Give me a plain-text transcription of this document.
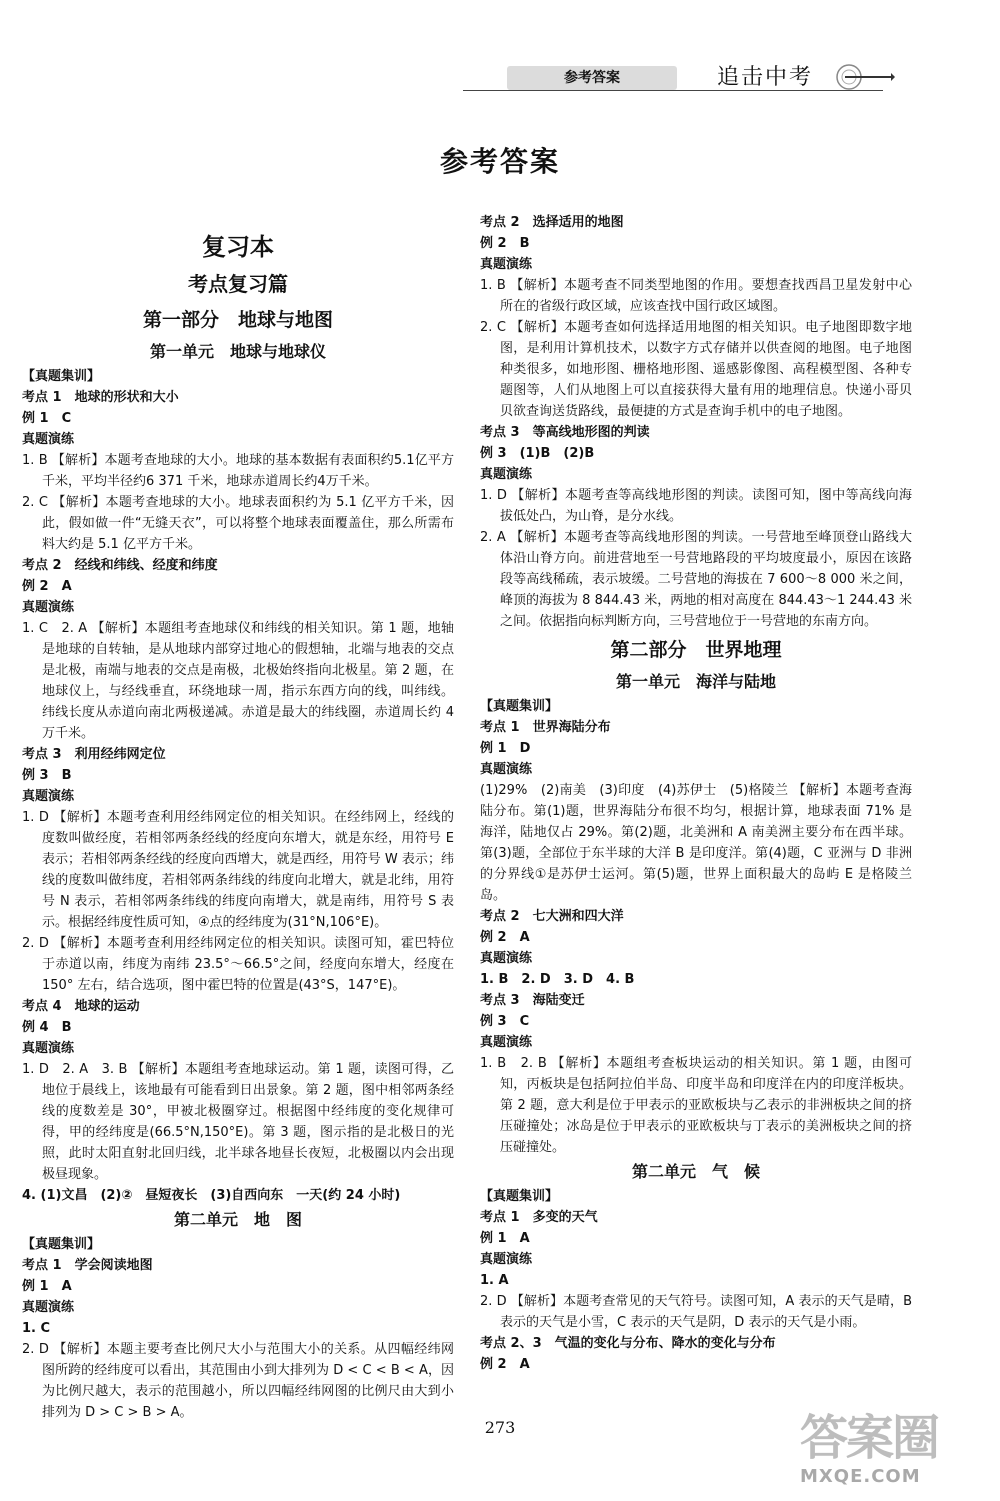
参考答案	追击中考
参考答案
复习本
考点复习篇
第一部分　地球与地图
第一单元　地球与地球仪
【真题集训】
考点 1　地球的形状和大小
例 1　C
真题演练
1. B 【解析】本题考查地球的大小。地球的基本数据有表面积约5.1亿平方千米，平均半径约6 371 千米，地球赤道周长约4万千米。
2. C 【解析】本题考查地球的大小。地球表面积约为 5.1 亿平方千米，因此，假如做一件“无缝天衣”，可以将整个地球表面覆盖住，那么所需布料大约是 5.1 亿平方千米。
考点 2　经线和纬线、经度和纬度
例 2　A
真题演练
1. C　2. A 【解析】本题组考查地球仪和纬线的相关知识。第 1 题，地轴是地球的自转轴，是从地球内部穿过地心的假想轴，北端与地表的交点是北极，南端与地表的交点是南极，北极始终指向北极星。第 2 题，在地球仪上，与经线垂直，环绕地球一周，指示东西方向的线，叫纬线。纬线长度从赤道向南北两极递减。赤道是最大的纬线圈，赤道周长约 4 万千米。
考点 3　利用经纬网定位
例 3　B
真题演练
1. D 【解析】本题考查利用经纬网定位的相关知识。在经纬网上，经线的度数叫做经度，若相邻两条经线的经度向东增大，就是东经，用符号 E 表示；若相邻两条经线的经度向西增大，就是西经，用符号 W 表示；纬线的度数叫做纬度，若相邻两条纬线的纬度向北增大，就是北纬，用符号 N 表示，若相邻两条纬线的纬度向南增大，就是南纬，用符号 S 表示。根据经纬度性质可知，④点的经纬度为(31°N,106°E)。
2. D 【解析】本题考查利用经纬网定位的相关知识。读图可知，霍巴特位于赤道以南，纬度为南纬 23.5°～66.5°之间，经度向东增大，经度在 150° 左右，结合选项，图中霍巴特的位置是(43°S，147°E)。
考点 4　地球的运动
例 4　B
真题演练
1. D　2. A　3. B 【解析】本题组考查地球运动。第 1 题，读图可得，乙地位于晨线上，该地最有可能看到日出景象。第 2 题，图中相邻两条经线的度数差是 30°，甲被北极圈穿过。根据图中经纬度的变化规律可得，甲的经纬度是(66.5°N,150°E)。第 3 题，图示指的是北极日的光照，此时太阳直射北回归线，北半球各地昼长夜短，北极圈以内会出现极昼现象。
4. (1)文昌　(2)②　昼短夜长　(3)自西向东　一天(约 24 小时)
第二单元　地　图
【真题集训】
考点 1　学会阅读地图
例 1　A
真题演练
1. C
2. D 【解析】本题主要考查比例尺大小与范围大小的关系。从四幅经纬网图所跨的经纬度可以看出，其范围由小到大排列为 D < C < B < A，因为比例尺越大，表示的范围越小，所以四幅经纬网图的比例尺由大到小排列为 D > C > B > A。
考点 2　选择适用的地图
例 2　B
真题演练
1. B 【解析】本题考查不同类型地图的作用。要想查找西昌卫星发射中心所在的省级行政区域，应该查找中国行政区域图。
2. C 【解析】本题考查如何选择适用地图的相关知识。电子地图即数字地图，是利用计算机技术，以数字方式存储并以供查阅的地图。电子地图种类很多，如地形图、栅格地形图、遥感影像图、高程模型图、各种专题图等，人们从地图上可以直接获得大量有用的地理信息。快递小哥贝贝欲查询送货路线，最便捷的方式是查询手机中的电子地图。
考点 3　等高线地形图的判读
例 3　(1)B　(2)B
真题演练
1. D 【解析】本题考查等高线地形图的判读。读图可知，图中等高线向海拔低处凸，为山脊，是分水线。
2. A 【解析】本题考查等高线地形图的判读。一号营地至峰顶登山路线大体沿山脊方向。前进营地至一号营地路段的平均坡度最小，原因在该路段等高线稀疏，表示坡缓。二号营地的海拔在 7 600～8 000 米之间，峰顶的海拔为 8 844.43 米，两地的相对高度在 844.43～1 244.43 米之间。依据指向标判断方向，三号营地位于一号营地的东南方向。
第二部分　世界地理
第一单元　海洋与陆地
【真题集训】
考点 1　世界海陆分布
例 1　D
真题演练
(1)29%　(2)南美　(3)印度　(4)苏伊士　(5)格陵兰 【解析】本题考查海陆分布。第(1)题，世界海陆分布很不均匀，根据计算，地球表面 71% 是海洋，陆地仅占 29%。第(2)题，北美洲和 A 南美洲主要分布在西半球。第(3)题，全部位于东半球的大洋 B 是印度洋。第(4)题，C 亚洲与 D 非洲的分界线①是苏伊士运河。第(5)题，世界上面积最大的岛屿 E 是格陵兰岛。
考点 2　七大洲和四大洋
例 2　A
真题演练
1. B　2. D　3. D　4. B
考点 3　海陆变迁
例 3　C
真题演练
1. B　2. B 【解析】本题组考查板块运动的相关知识。第 1 题，由图可知，丙板块是包括阿拉伯半岛、印度半岛和印度洋在内的印度洋板块。第 2 题，意大利是位于甲表示的亚欧板块与乙表示的非洲板块之间的挤压碰撞处；冰岛是位于甲表示的亚欧板块与丁表示的美洲板块之间的挤压碰撞处。
第二单元　气　候
【真题集训】
考点 1　多变的天气
例 1　A
真题演练
1. A
2. D 【解析】本题考查常见的天气符号。读图可知，A 表示的天气是晴，B 表示的天气是小雪，C 表示的天气是阴，D 表示的天气是小雨。
考点 2、3　气温的变化与分布、降水的变化与分布
例 2　A
273	答案圈
MXQE.COM
